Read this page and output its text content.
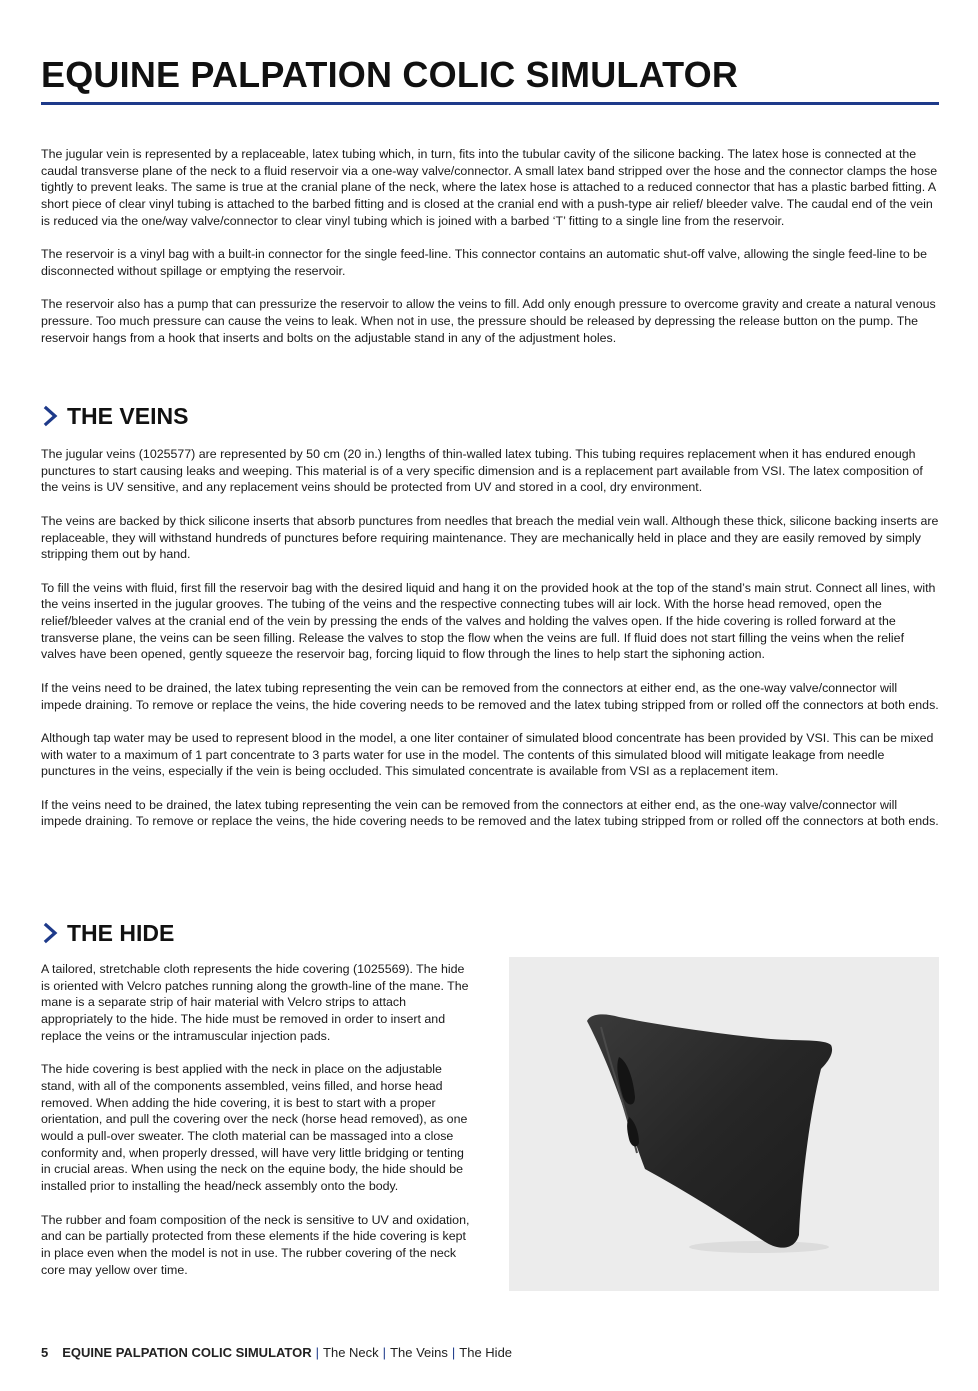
EQUINE PALPATION COLIC SIMULATOR

The jugular vein is represented by a replaceable, latex tubing which, in turn, fits into the tubular cavity of the silicone backing. The latex hose is connected at the caudal transverse plane of the neck to a fluid reservoir via a one-way valve/connector. A small latex band stripped over the hose and the connector clamps the hose tightly to prevent leaks. The same is true at the cranial plane of the neck, where the latex hose is attached to a reduced connector that has a plastic barbed fitting. A short piece of clear vinyl tubing is attached to the barbed fitting and is closed at the cranial end with a push-type air relief/ bleeder valve. The caudal end of the vein is reduced via the one/way valve/connector to clear vinyl tubing which is joined with a barbed ‘T’ fitting to a single line from the reservoir.

The reservoir is a vinyl bag with a built-in connector for the single feed-line. This connector contains an automatic shut-off valve, allowing the single feed-line to be disconnected without spillage or emptying the reservoir.

The reservoir also has a pump that can pressurize the reservoir to allow the veins to fill. Add only enough pressure to overcome gravity and create a natural venous pressure. Too much pressure can cause the veins to leak. When not in use, the pressure should be released by depressing the release button on the pump. The reservoir hangs from a hook that inserts and bolts on the adjustable stand in any of the adjustment holes.

THE VEINS

The jugular veins (1025577) are represented by 50 cm (20 in.) lengths of thin-walled latex tubing. This tubing requires replacement when it has endured enough punctures to start causing leaks and weeping. This material is of a very specific dimension and is a replacement part available from VSI. The latex composition of the veins is UV sensitive, and any replacement veins should be protected from UV and stored in a cool, dry environment.

The veins are backed by thick silicone inserts that absorb punctures from needles that breach the medial vein wall. Although these thick, silicone backing inserts are replaceable, they will withstand hundreds of punctures before requiring maintenance. They are mechanically held in place and they are easily removed by simply stripping them out by hand.

To fill the veins with fluid, first fill the reservoir bag with the desired liquid and hang it on the provided hook at the top of the stand’s main strut. Connect all lines, with the veins inserted in the jugular grooves. The tubing of the veins and the respective connecting tubes will air lock. With the horse head removed, open the relief/bleeder valves at the cranial end of the vein by pressing the ends of the valves and holding the valves open. If the hide covering is rolled forward at the transverse plane, the veins can be seen filling. Release the valves to stop the flow when the veins are full. If fluid does not start filling the veins when the relief valves have been opened, gently squeeze the reservoir bag, forcing liquid to flow through the lines to help start the siphoning action.

If the veins need to be drained, the latex tubing representing the vein can be removed from the connectors at either end, as the one-way valve/connector will impede draining. To remove or replace the veins, the hide covering needs to be removed and the latex tubing stripped from or rolled off the connectors at both ends.

Although tap water may be used to represent blood in the model, a one liter container of simulated blood concentrate has been provided by VSI. This can be mixed with water to a maximum of 1 part concentrate to 3 parts water for use in the model. The contents of this simulated blood will mitigate leakage from needle punctures in the veins, especially if the vein is being occluded. This simulated concentrate is available from VSI as a replacement item.

If the veins need to be drained, the latex tubing representing the vein can be removed from the connectors at either end, as the one-way valve/connector will impede draining. To remove or replace the veins, the hide covering needs to be removed and the latex tubing stripped from or rolled off the connectors at both ends.

THE HIDE

A tailored, stretchable cloth represents the hide covering (1025569). The hide is oriented with Velcro patches running along the growth-line of the mane. The mane is a separate strip of hair material with Velcro strips to attach appropriately to the hide. The hide must be removed in order to insert and replace the veins or the intramuscular injection pads.

The hide covering is best applied with the neck in place on the adjustable stand, with all of the components assembled, veins filled, and horse head removed. When adding the hide covering, it is best to start with a proper orientation, and pull the covering over the neck (horse head removed), as one would a pull-over sweater. The cloth material can be massaged into a close conformity and, when properly dressed, will have very little bridging or tenting in crucial areas. When using the neck on the equine body, the hide should be installed prior to installing the head/neck assembly onto the body.

The rubber and foam composition of the neck is sensitive to UV and oxidation, and can be partially protected from these elements if the hide covering is kept in place even when the model is not in use. The rubber covering of the neck core may yellow over time.

5 EQUINE PALPATION COLIC SIMULATOR | The Neck | The Veins | The Hide
